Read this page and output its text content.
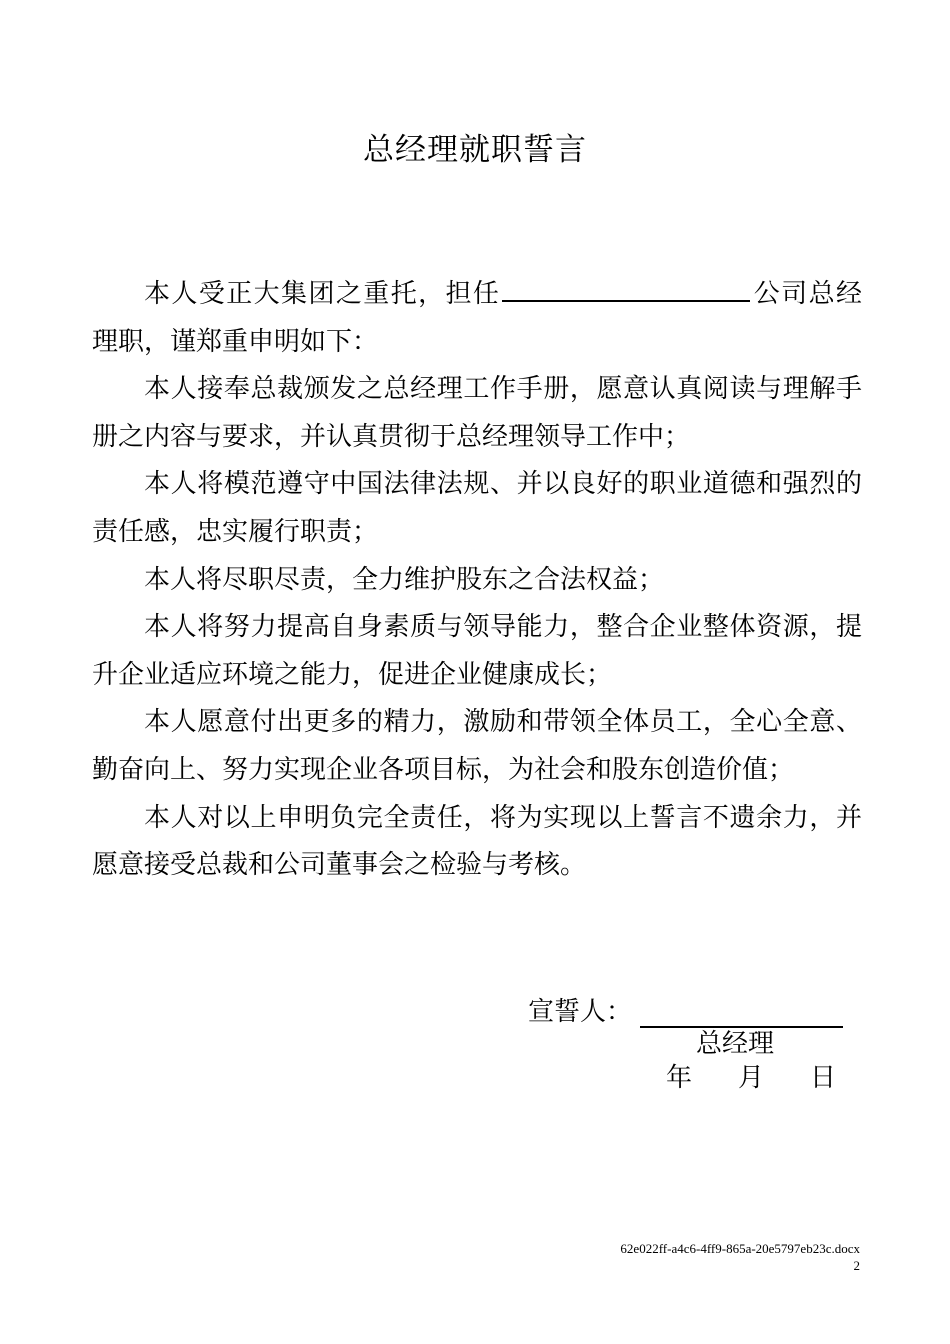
总经理就职誓言

本人受正大集团之重托，担任	公司总经理职，谨郑重申明如下：

本人接奉总裁颁发之总经理工作手册，愿意认真阅读与理解手册之内容与要求，并认真贯彻于总经理领导工作中；

本人将模范遵守中国法律法规、并以良好的职业道德和强烈的责任感，忠实履行职责；

本人将尽职尽责，全力维护股东之合法权益；

本人将努力提高自身素质与领导能力，整合企业整体资源，提升企业适应环境之能力，促进企业健康成长；

本人愿意付出更多的精力，激励和带领全体员工，全心全意、勤奋向上、努力实现企业各项目标，为社会和股东创造价值；

本人对以上申明负完全责任，将为实现以上誓言不遗余力，并愿意接受总裁和公司董事会之检验与考核。

宣誓人：
总经理
年 月 日
62e022ff-a4c6-4ff9-865a-20e5797eb23c.docx
2
